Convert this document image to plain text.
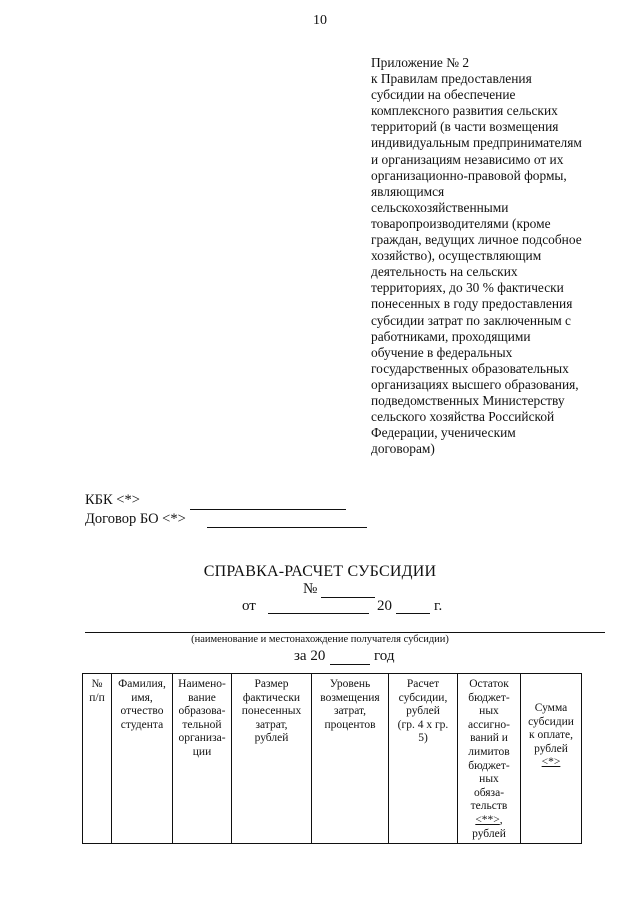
10
Приложение № 2
к Правилам предоставления
субсидии на обеспечение
комплексного развития сельских
территорий (в части возмещения
индивидуальным предпринимателям
и организациям независимо от их
организационно-правовой формы,
являющимся
сельскохозяйственными
товаропроизводителями (кроме
граждан, ведущих личное подсобное
хозяйство), осуществляющим
деятельность на сельских
территориях, до 30 % фактически
понесенных в году предоставления
субсидии затрат по заключенным с
работниками, проходящими
обучение в федеральных
государственных образовательных
организациях высшего образования,
подведомственных Министерству
сельского хозяйства Российской
Федерации, ученическим
договорам)
КБК <*>
Договор БО <*>
СПРАВКА-РАСЧЕТ СУБСИДИИ
№
от	20	г.
(наименование и местонахождение получателя субсидии)
за 20	год
№
п/п

Фамилия,
имя,
отчество
студента

Наимено-
вание
образова-
тельной
организа-
ции

Размер
фактически
понесенных
затрат,
рублей

Уровень
возмещения
затрат,
процентов

Расчет
субсидии,
рублей
(гр. 4 х гр.
5)

Остаток
бюджет-
ных
ассигно-
ваний и
лимитов
бюджет-
ных
обяза-
тельств
<**>,
рублей

Сумма
субсидии
к оплате,
рублей
<*>
